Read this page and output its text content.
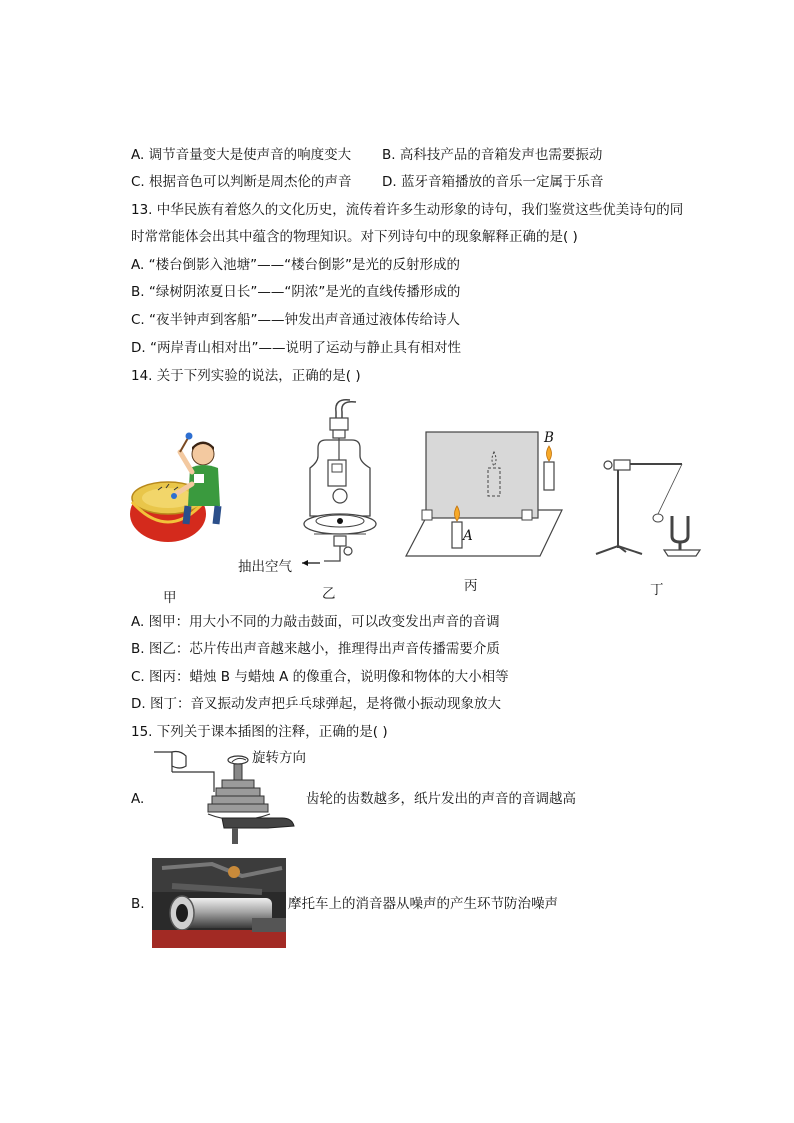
A. 调节音量变大是使声音的响度变大 B. 高科技产品的音箱发声也需要振动
C. 根据音色可以判断是周杰伦的声音 D. 蓝牙音箱播放的音乐一定属于乐音
13. 中华民族有着悠久的文化历史，流传着许多生动形象的诗句，我们鉴赏这些优美诗句的同
时常常能体会出其中蕴含的物理知识。对下列诗句中的现象解释正确的是( )
A. “楼台倒影入池塘”——“楼台倒影”是光的反射形成的
B. “绿树阴浓夏日长”——“阴浓”是光的直线传播形成的
C. “夜半钟声到客船”——钟发出声音通过液体传给诗人
D. “两岸青山相对出”——说明了运动与静止具有相对性
14. 关于下列实验的说法，正确的是( )
甲
抽出空气
乙
A
B
丙	丁
A. 图甲：用大小不同的力敲击鼓面，可以改变发出声音的音调
B. 图乙：芯片传出声音越来越小，推理得出声音传播需要介质
C. 图丙：蜡烛 B 与蜡烛 A 的像重合，说明像和物体的大小相等
D. 图丁：音叉振动发声把乒乓球弹起，是将微小振动现象放大
15. 下列关于课本插图的注释，正确的是( )
A.
旋转方向
齿轮的齿数越多，纸片发出的声音的音调越高
B.	摩托车上的消音器从噪声的产生环节防治噪声
